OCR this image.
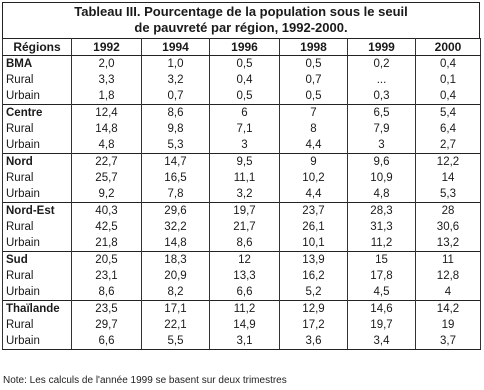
Tableau III. Pourcentage de la population sous le seuil
de pauvreté par région, 1992-2000.
Régions	1992	1994	1996	1998	1999	2000
BMA	2,0	1,0	0,5	0,5	0,2	0,4
Rural	3,3	3,2	0,4	0,7	...	0,1
Urbain	1,8	0,7	0,5	0,5	0,3	0,4
Centre	12,4	8,6	6	7	6,5	5,4
Rural	14,8	9,8	7,1	8	7,9	6,4
Urbain	4,8	5,3	3	4,4	3	2,7
Nord	22,7	14,7	9,5	9	9,6	12,2
Rural	25,7	16,5	11,1	10,2	10,9	14
Urbain	9,2	7,8	3,2	4,4	4,8	5,3
Nord-Est	40,3	29,6	19,7	23,7	28,3	28
Rural	42,5	32,2	21,7	26,1	31,3	30,6
Urbain	21,8	14,8	8,6	10,1	11,2	13,2
Sud	20,5	18,3	12	13,9	15	11
Rural	23,1	20,9	13,3	16,2	17,8	12,8
Urbain	8,6	8,2	6,6	5,2	4,5	4
Thaïlande	23,5	17,1	11,2	12,9	14,6	14,2
Rural	29,7	22,1	14,9	17,2	19,7	19
Urbain	6,6	5,5	3,1	3,6	3,4	3,7
Note: Les calculs de l'année 1999 se basent sur deux trimestres
